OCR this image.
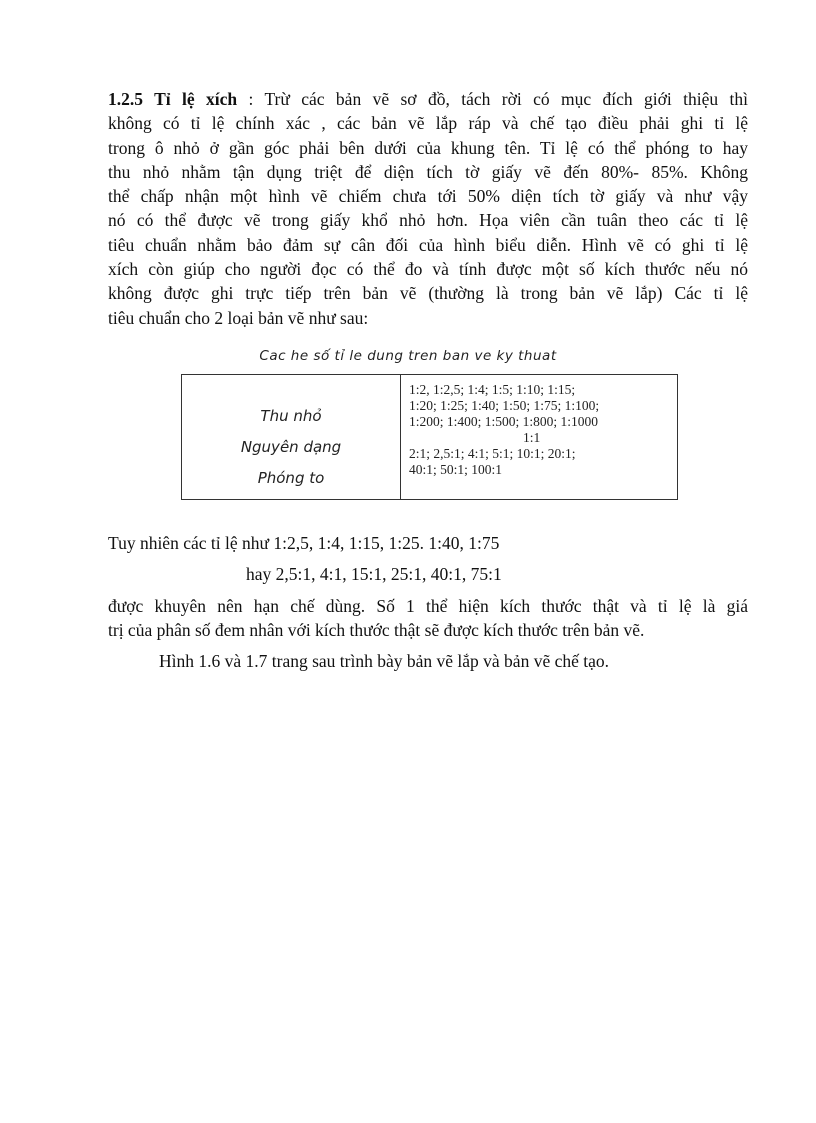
1.2.5 Tỉ lệ xích : Trừ các bản vẽ sơ đồ, tách rời có mục đích giới thiệu thì
không có tỉ lệ chính xác , các bản vẽ lắp ráp và chế tạo điều phải ghi tỉ lệ
trong ô nhỏ ở gần góc phải bên dưới của khung tên. Tỉ lệ có thể phóng to hay
thu nhỏ nhằm tận dụng triệt để diện tích tờ giấy vẽ đến 80%- 85%. Không
thể chấp nhận một hình vẽ chiếm chưa tới 50% diện tích tờ giấy và như vậy
nó có thể được vẽ trong giấy khổ nhỏ hơn. Họa viên cần tuân theo các tỉ lệ
tiêu chuẩn nhằm bảo đảm sự cân đối của hình biểu diễn. Hình vẽ có ghi tỉ lệ
xích còn giúp cho người đọc có thể đo và tính được một số kích thước nếu nó
không được ghi trực tiếp trên bản vẽ (thường là trong bản vẽ lắp) Các tỉ lệ
tiêu chuẩn cho 2 loại bản vẽ như sau:
Cac he số tỉ le dung tren ban ve ky thuat
Thu nhỏ
Nguyên dạng
Phóng to
1:2, 1:2,5; 1:4; 1:5; 1:10; 1:15;
1:20; 1:25; 1:40; 1:50; 1:75; 1:100;
1:200; 1:400; 1:500; 1:800; 1:1000
1:1
2:1; 2,5:1; 4:1; 5:1; 10:1; 20:1;
40:1; 50:1; 100:1
Tuy nhiên các tỉ lệ như 1:2,5, 1:4, 1:15, 1:25. 1:40, 1:75
hay 2,5:1, 4:1, 15:1, 25:1, 40:1, 75:1
được khuyên nên hạn chế dùng. Số 1 thể hiện kích thước thật và tỉ lệ là giá
trị của phân số đem nhân với kích thước thật sẽ được kích thước trên bản vẽ.
Hình 1.6 và 1.7 trang sau trình bày bản vẽ lắp và bản vẽ chế tạo.
